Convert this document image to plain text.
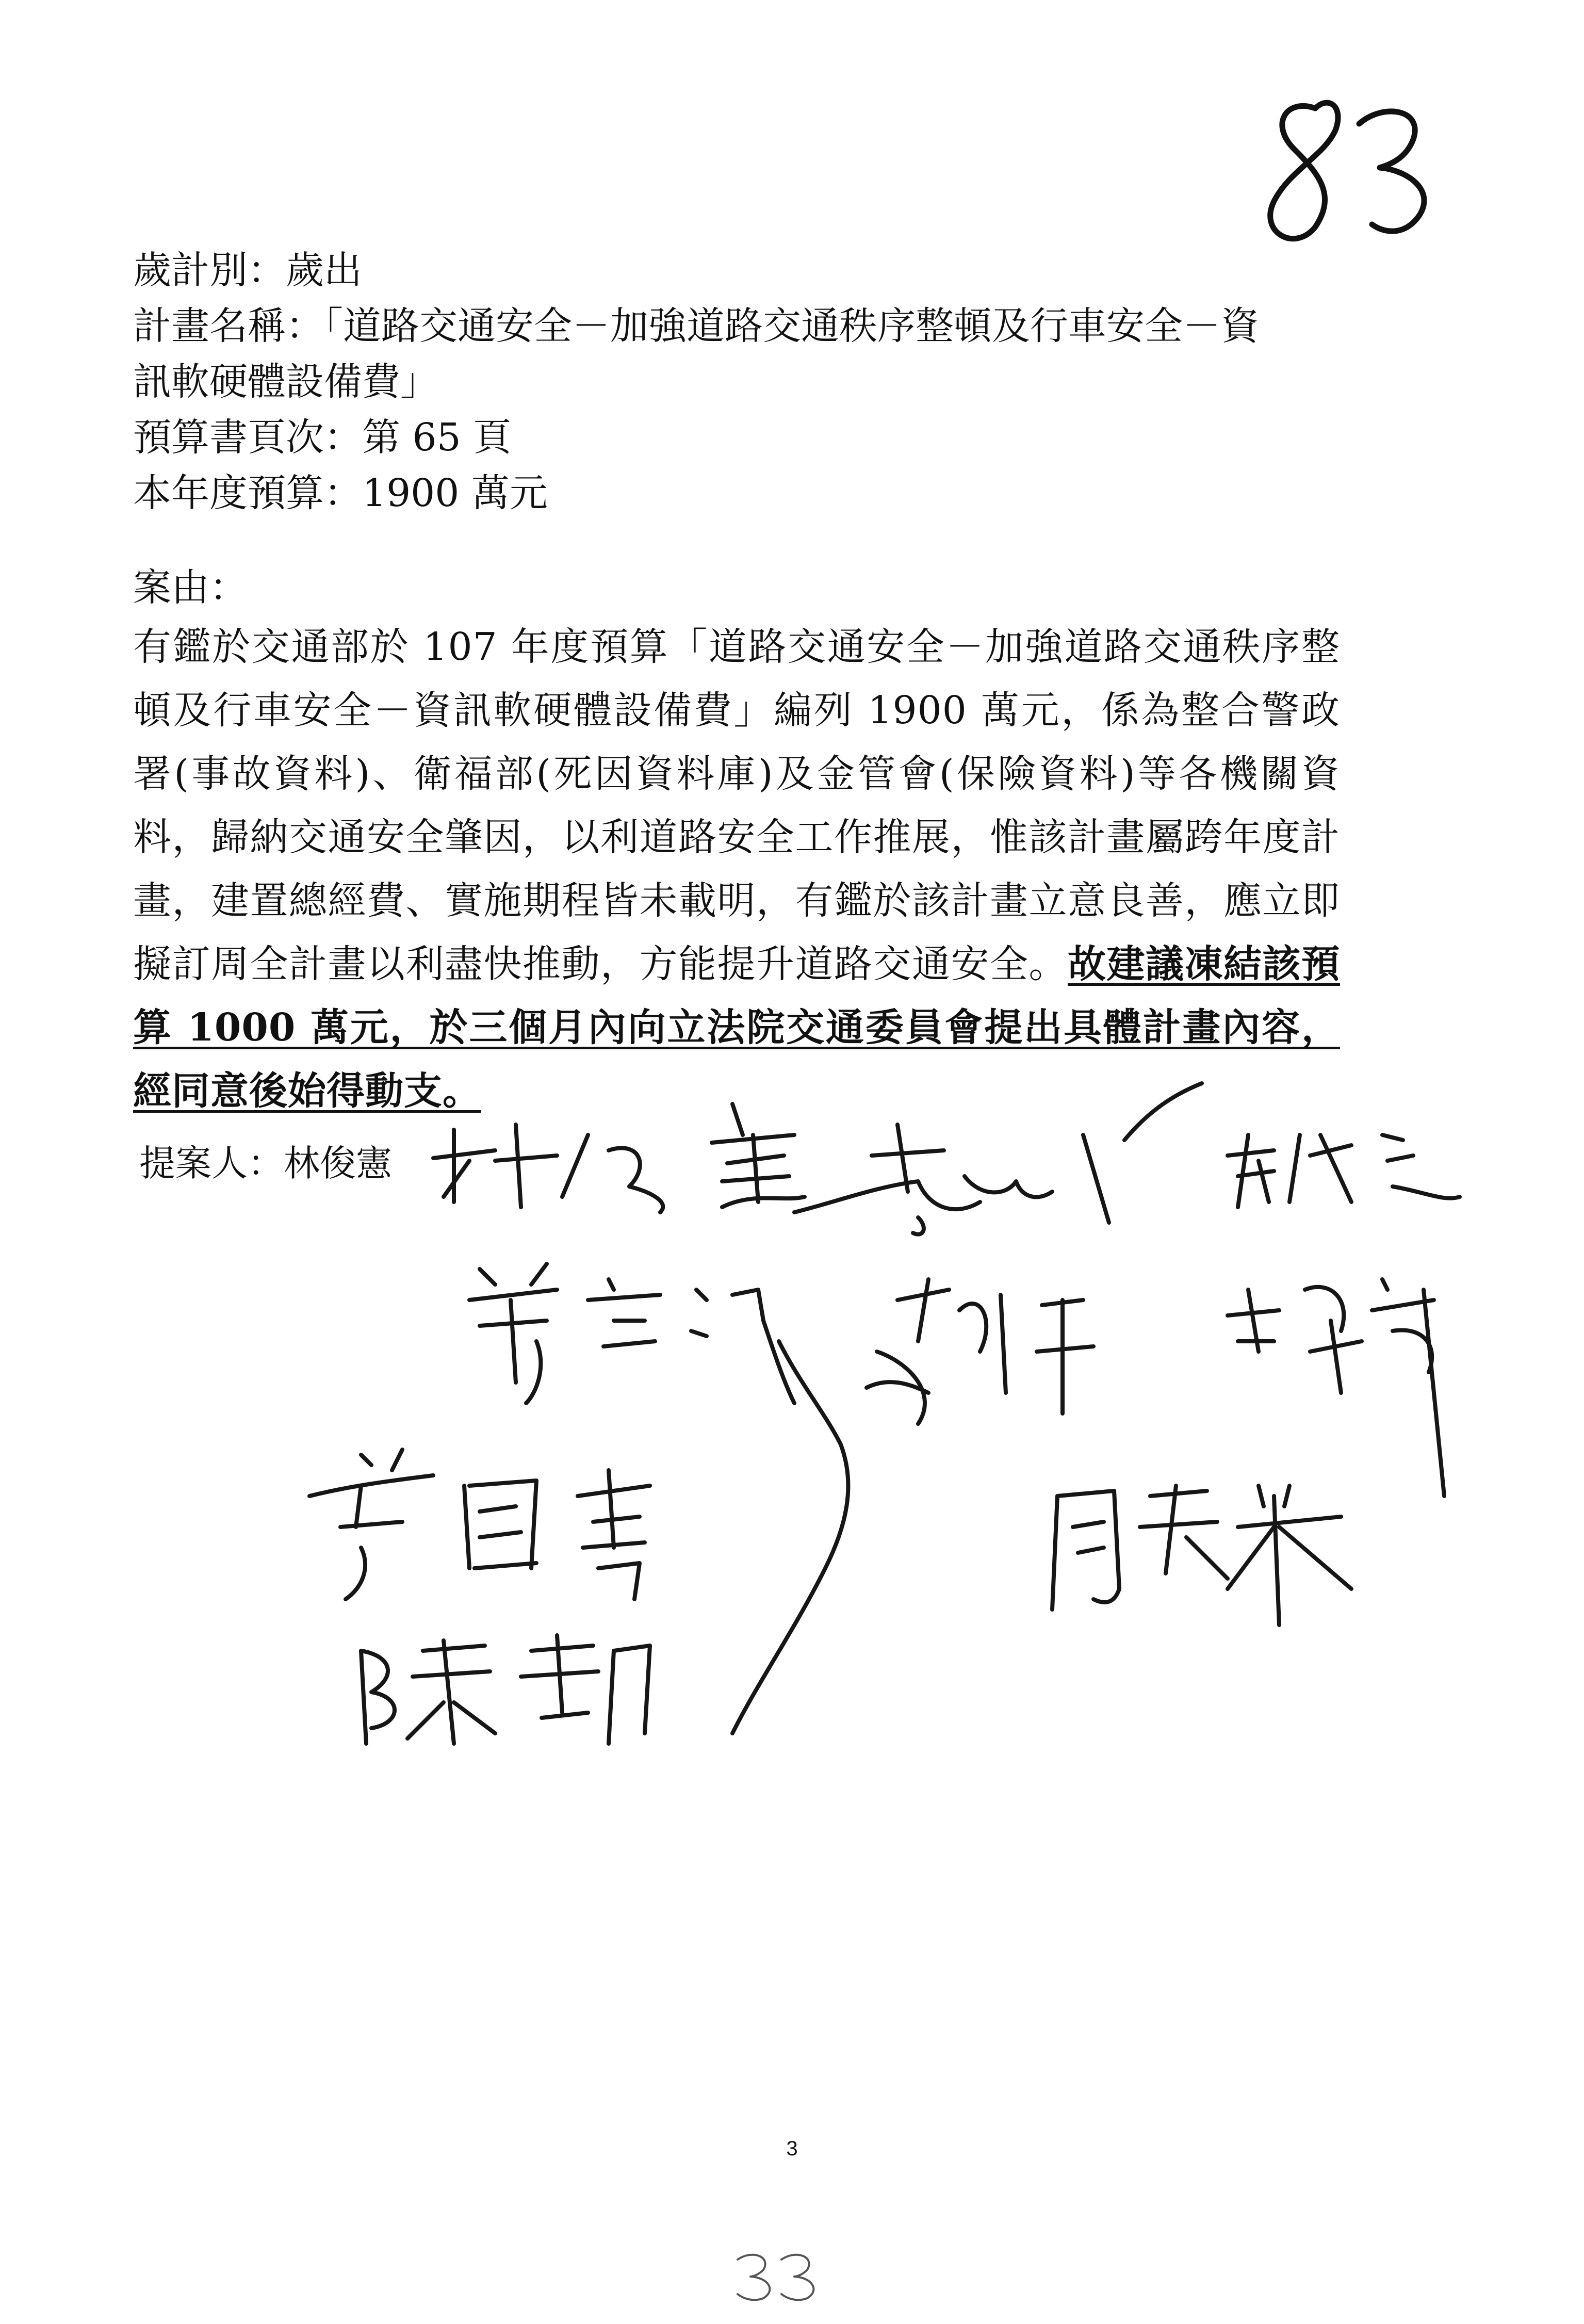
歲計別：歲出
計畫名稱：「道路交通安全－加強道路交通秩序整頓及行車安全－資
訊軟硬體設備費」
預算書頁次：第 65 頁
本年度預算：1900 萬元
案由：
有鑑於交通部於 107 年度預算「道路交通安全－加強道路交通秩序整頓及行車安全－資訊軟硬體設備費」編列 1900 萬元，係為整合警政署(事故資料)、衛福部(死因資料庫)及金管會(保險資料)等各機關資料，歸納交通安全肇因，以利道路安全工作推展，惟該計畫屬跨年度計畫，建置總經費、實施期程皆未載明，有鑑於該計畫立意良善，應立即擬訂周全計畫以利盡快推動，方能提升道路交通安全。故建議凍結該預算 1000 萬元，於三個月內向立法院交通委員會提出具體計畫內容，經同意後始得動支。
提案人：林俊憲
3
